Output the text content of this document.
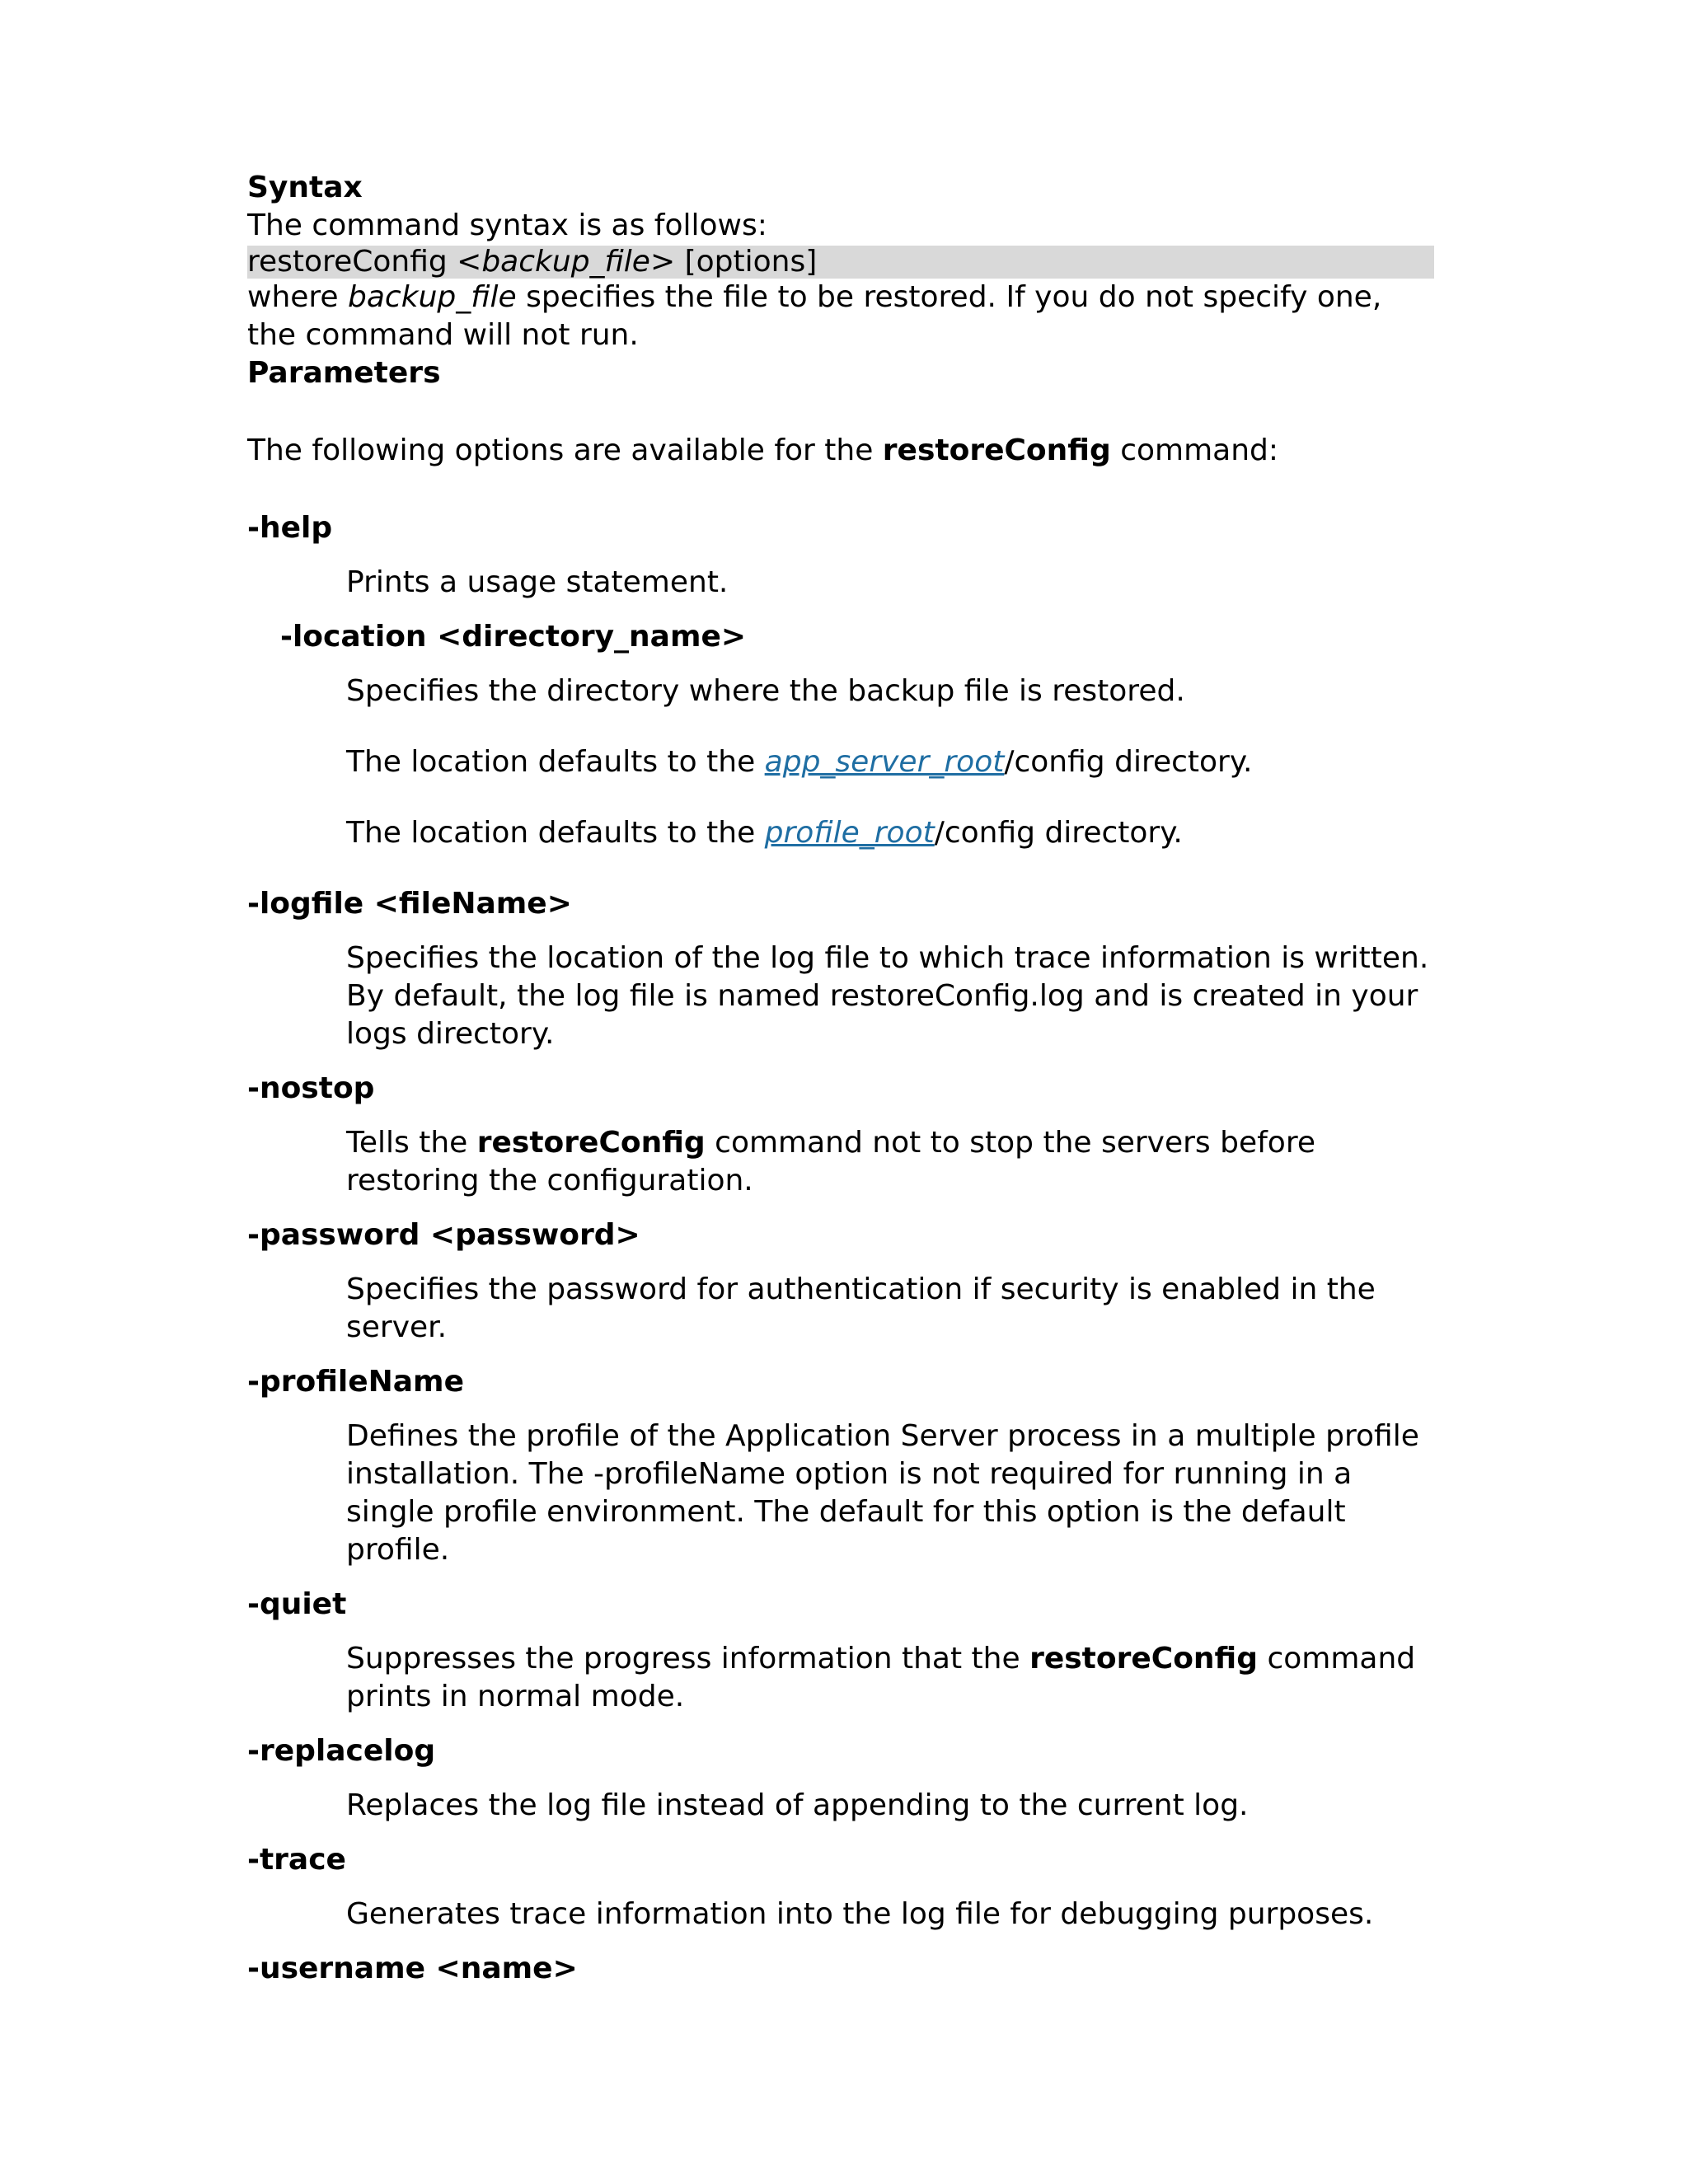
Syntax
The command syntax is as follows:
restoreConfig <backup_file> [options]
where backup_file specifies the file to be restored. If you do not specify one, the command will not run.
Parameters
The following options are available for the restoreConfig command:
-help
Prints a usage statement.
-location <directory_name>
Specifies the directory where the backup file is restored.
The location defaults to the app_server_root/config directory.
The location defaults to the profile_root/config directory.
-logfile <fileName>
Specifies the location of the log file to which trace information is written. By default, the log file is named restoreConfig.log and is created in your logs directory.
-nostop
Tells the restoreConfig command not to stop the servers before restoring the configuration.
-password <password>
Specifies the password for authentication if security is enabled in the server.
-profileName
Defines the profile of the Application Server process in a multiple profile installation. The -profileName option is not required for running in a single profile environment. The default for this option is the default profile.
-quiet
Suppresses the progress information that the restoreConfig command prints in normal mode.
-replacelog
Replaces the log file instead of appending to the current log.
-trace
Generates trace information into the log file for debugging purposes.
-username <name>
